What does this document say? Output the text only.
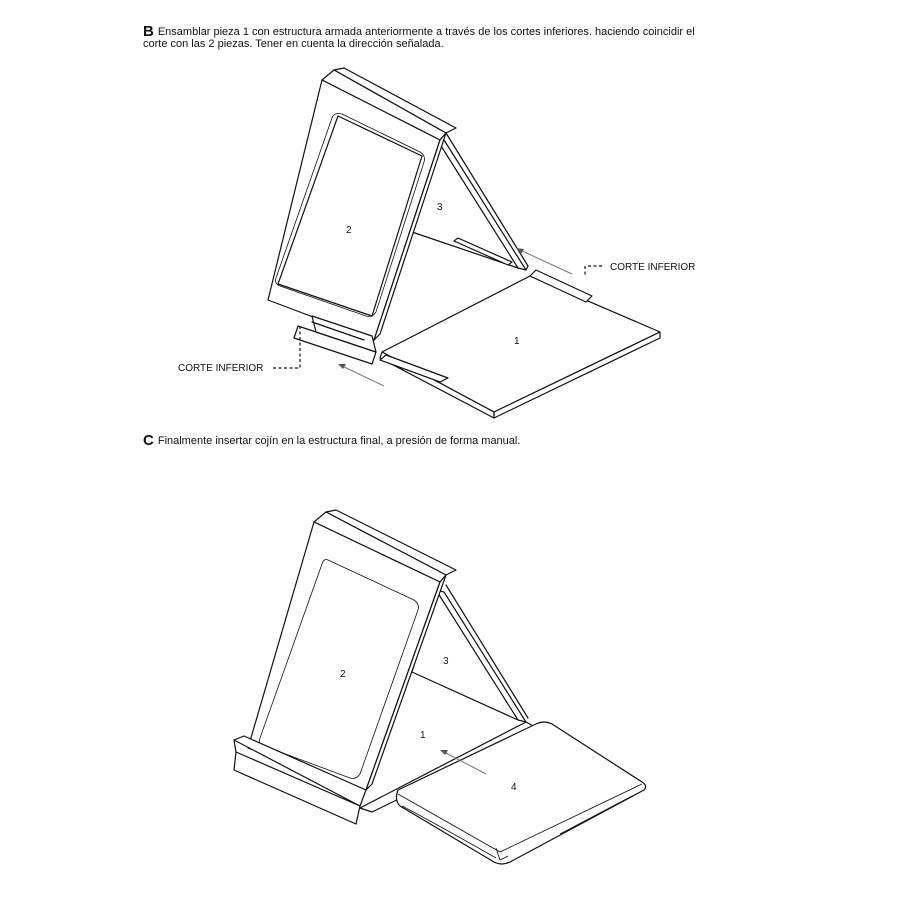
B Ensamblar pieza 1 con estructura armada anteriormente a través de los cortes inferiores. haciendo coincidir el
corte con las 2 piezas. Tener en cuenta la dirección señalada.
C Finalmente insertar cojín en la estructura final, a presión de forma manual.
CORTE INFERIOR
CORTE INFERIOR
2
3
1
2
3
1
4
